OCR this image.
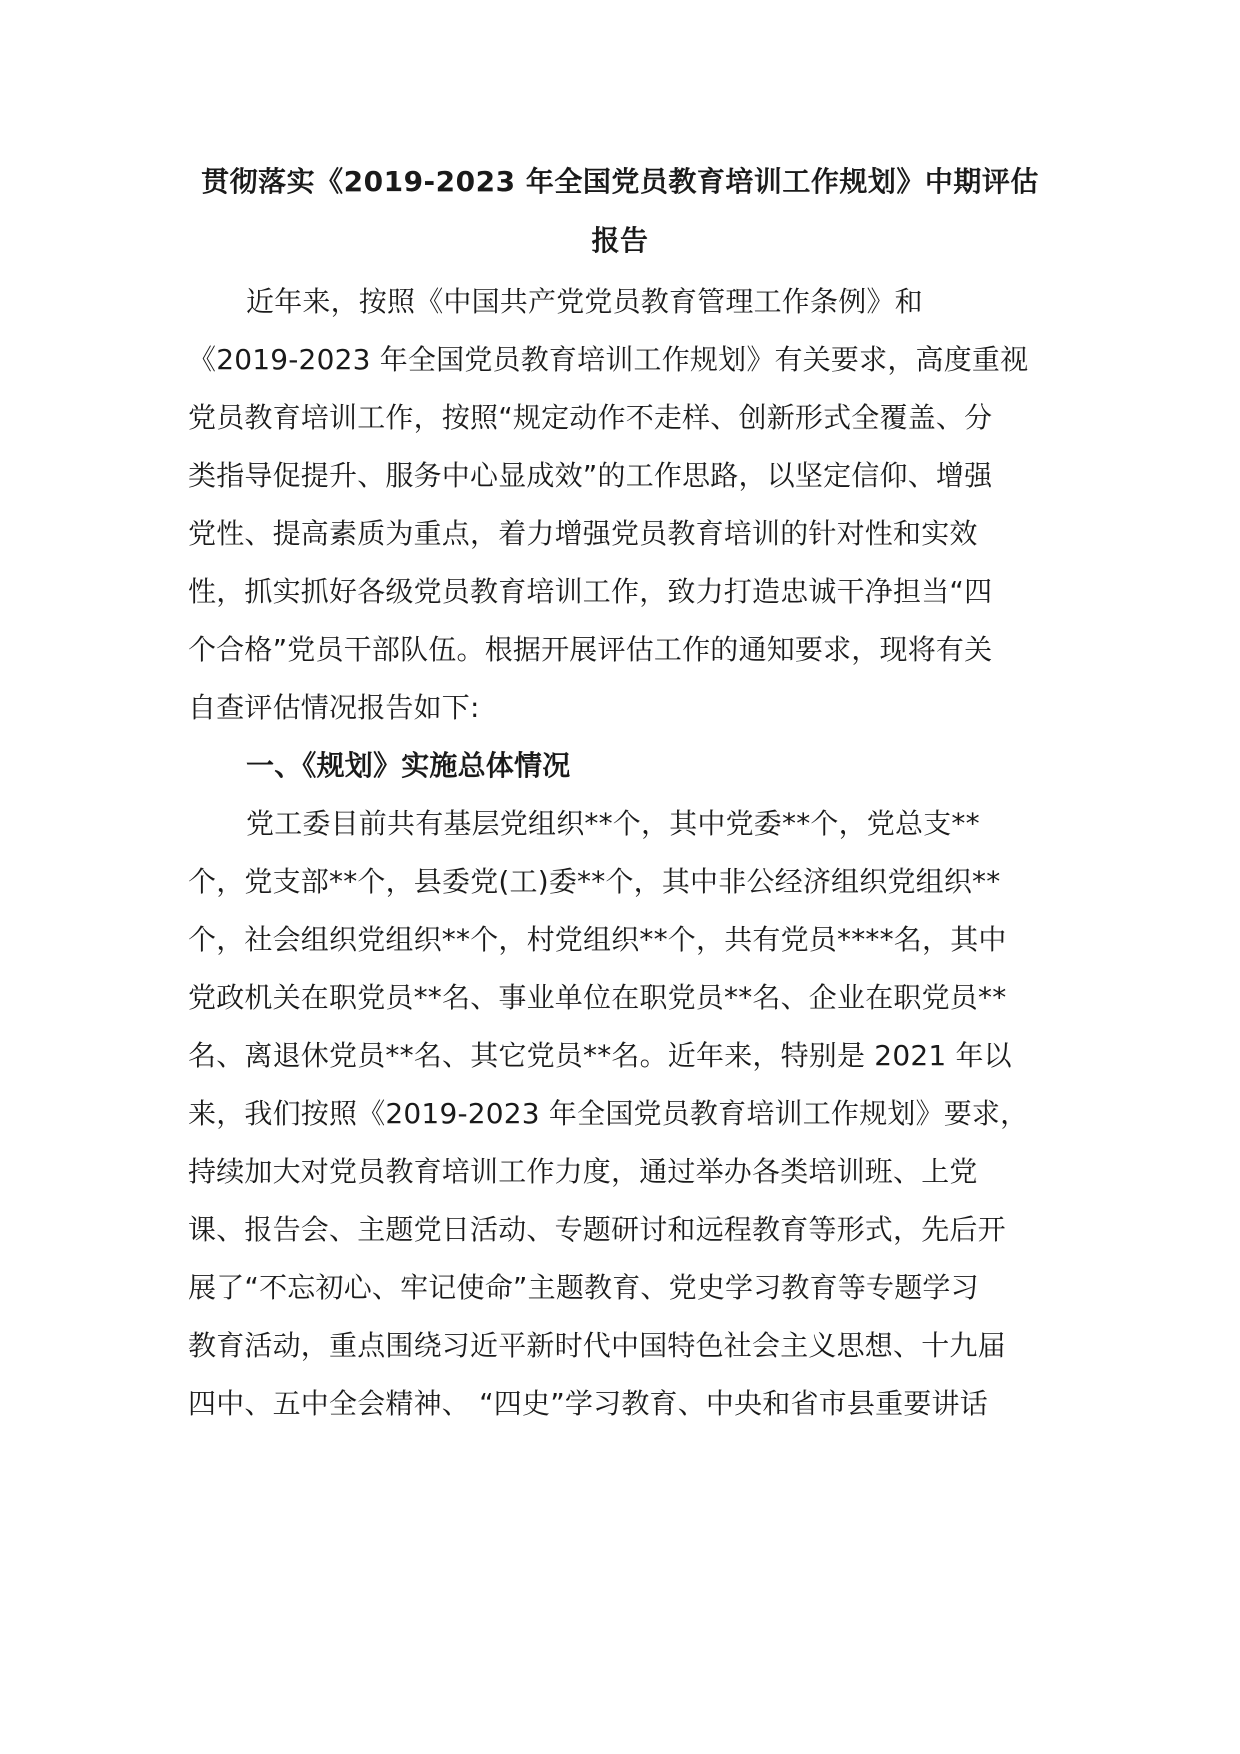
贯彻落实《2019-2023 年全国党员教育培训工作规划》中期评估
报告
近年来，按照《中国共产党党员教育管理工作条例》和
《2019-2023 年全国党员教育培训工作规划》有关要求，高度重视
党员教育培训工作，按照“规定动作不走样、创新形式全覆盖、分
类指导促提升、服务中心显成效”的工作思路，以坚定信仰、增强
党性、提高素质为重点，着力增强党员教育培训的针对性和实效
性，抓实抓好各级党员教育培训工作，致力打造忠诚干净担当“四
个合格”党员干部队伍。根据开展评估工作的通知要求，现将有关
自查评估情况报告如下:
一、《规划》实施总体情况
党工委目前共有基层党组织**个，其中党委**个，党总支**
个，党支部**个，县委党(工)委**个，其中非公经济组织党组织**
个，社会组织党组织**个，村党组织**个，共有党员****名，其中
党政机关在职党员**名、事业单位在职党员**名、企业在职党员**
名、离退休党员**名、其它党员**名。近年来，特别是 2021 年以
来，我们按照《2019-2023 年全国党员教育培训工作规划》要求，
持续加大对党员教育培训工作力度，通过举办各类培训班、上党
课、报告会、主题党日活动、专题研讨和远程教育等形式，先后开
展了“不忘初心、牢记使命”主题教育、党史学习教育等专题学习
教育活动，重点围绕习近平新时代中国特色社会主义思想、十九届
四中、五中全会精神、 “四史”学习教育、中央和省市县重要讲话
